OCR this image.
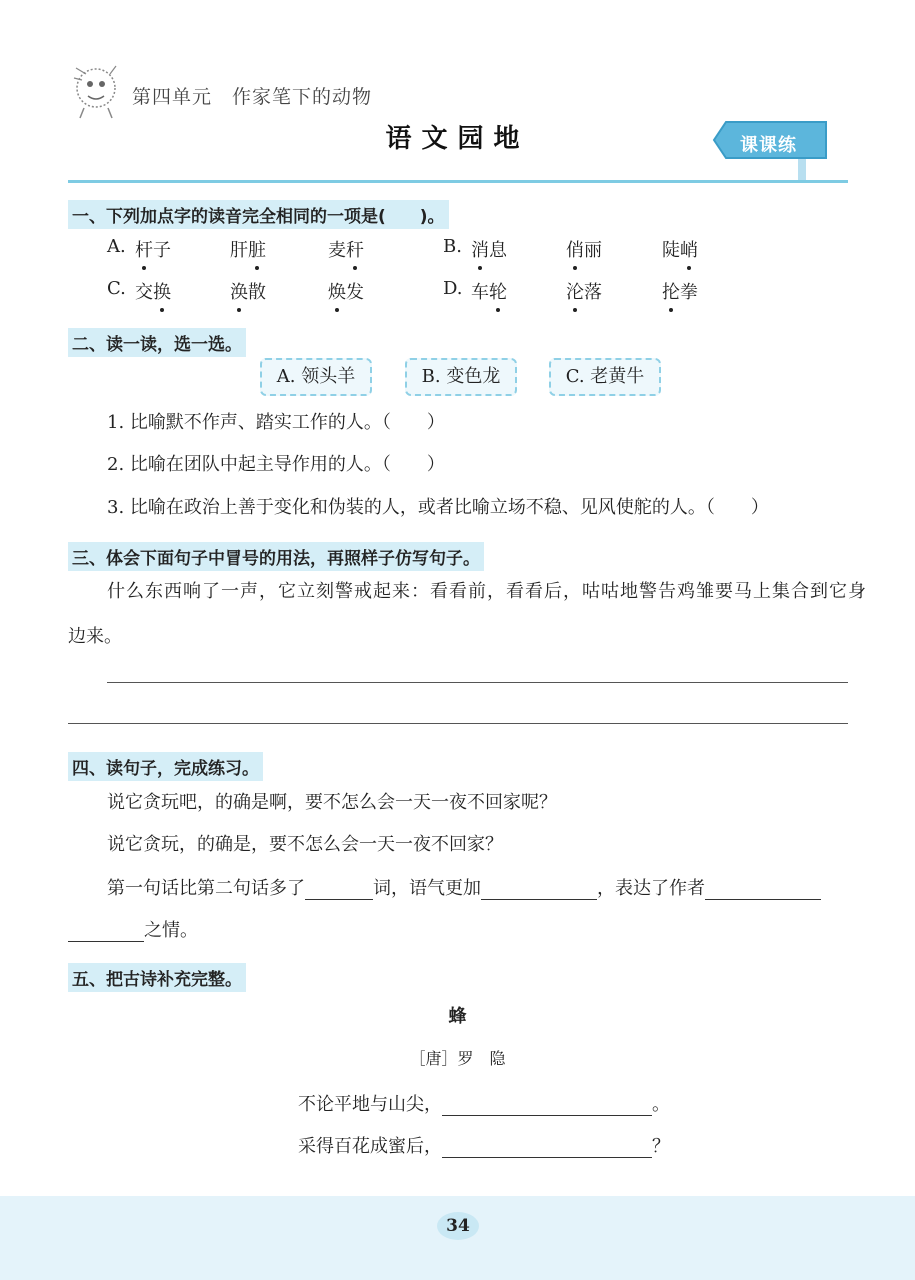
第四单元　作家笔下的动物
语文园地	课课练
一、下列加点字的读音完全相同的一项是(　　)。
A. 杆子	肝脏	麦秆	B. 消息	俏丽	陡峭
C. 交换	涣散	焕发	D. 车轮	沦落	抡拳
二、读一读，选一选。
A. 领头羊	B. 变色龙	C. 老黄牛
1. 比喻默不作声、踏实工作的人。（　　）
2. 比喻在团队中起主导作用的人。（　　）
3. 比喻在政治上善于变化和伪装的人，或者比喻立场不稳、见风使舵的人。（　　）
三、体会下面句子中冒号的用法，再照样子仿写句子。
什么东西响了一声，它立刻警戒起来：看看前，看看后，咕咕地警告鸡雏要马上集合到它身
边来。
四、读句子，完成练习。
说它贪玩吧，的确是啊，要不怎么会一天一夜不回家呢？
说它贪玩，的确是，要不怎么会一天一夜不回家？
第一句话比第二句话多了	词，语气更加	，表达了作者
之情。
五、把古诗补充完整。
蜂
［唐］罗　隐
不论平地与山尖，	。
采得百花成蜜后，	？
34
